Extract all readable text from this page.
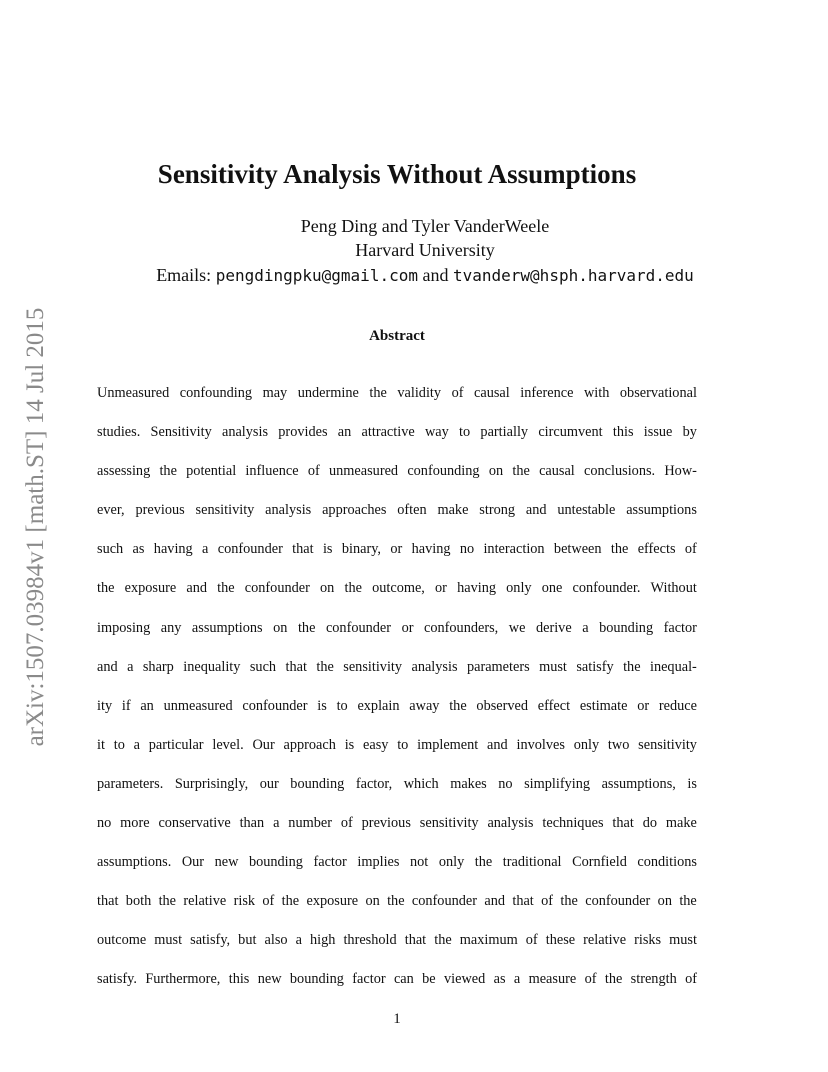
arXiv:1507.03984v1 [math.ST] 14 Jul 2015
Sensitivity Analysis Without Assumptions
Peng Ding and Tyler VanderWeele
Harvard University
Emails: pengdingpku@gmail.com and tvanderw@hsph.harvard.edu
Abstract
Unmeasured confounding may undermine the validity of causal inference with observational
studies. Sensitivity analysis provides an attractive way to partially circumvent this issue by
assessing the potential influence of unmeasured confounding on the causal conclusions. How-
ever, previous sensitivity analysis approaches often make strong and untestable assumptions
such as having a confounder that is binary, or having no interaction between the effects of
the exposure and the confounder on the outcome, or having only one confounder. Without
imposing any assumptions on the confounder or confounders, we derive a bounding factor
and a sharp inequality such that the sensitivity analysis parameters must satisfy the inequal-
ity if an unmeasured confounder is to explain away the observed effect estimate or reduce
it to a particular level. Our approach is easy to implement and involves only two sensitivity
parameters. Surprisingly, our bounding factor, which makes no simplifying assumptions, is
no more conservative than a number of previous sensitivity analysis techniques that do make
assumptions. Our new bounding factor implies not only the traditional Cornfield conditions
that both the relative risk of the exposure on the confounder and that of the confounder on the
outcome must satisfy, but also a high threshold that the maximum of these relative risks must
satisfy. Furthermore, this new bounding factor can be viewed as a measure of the strength of
1
